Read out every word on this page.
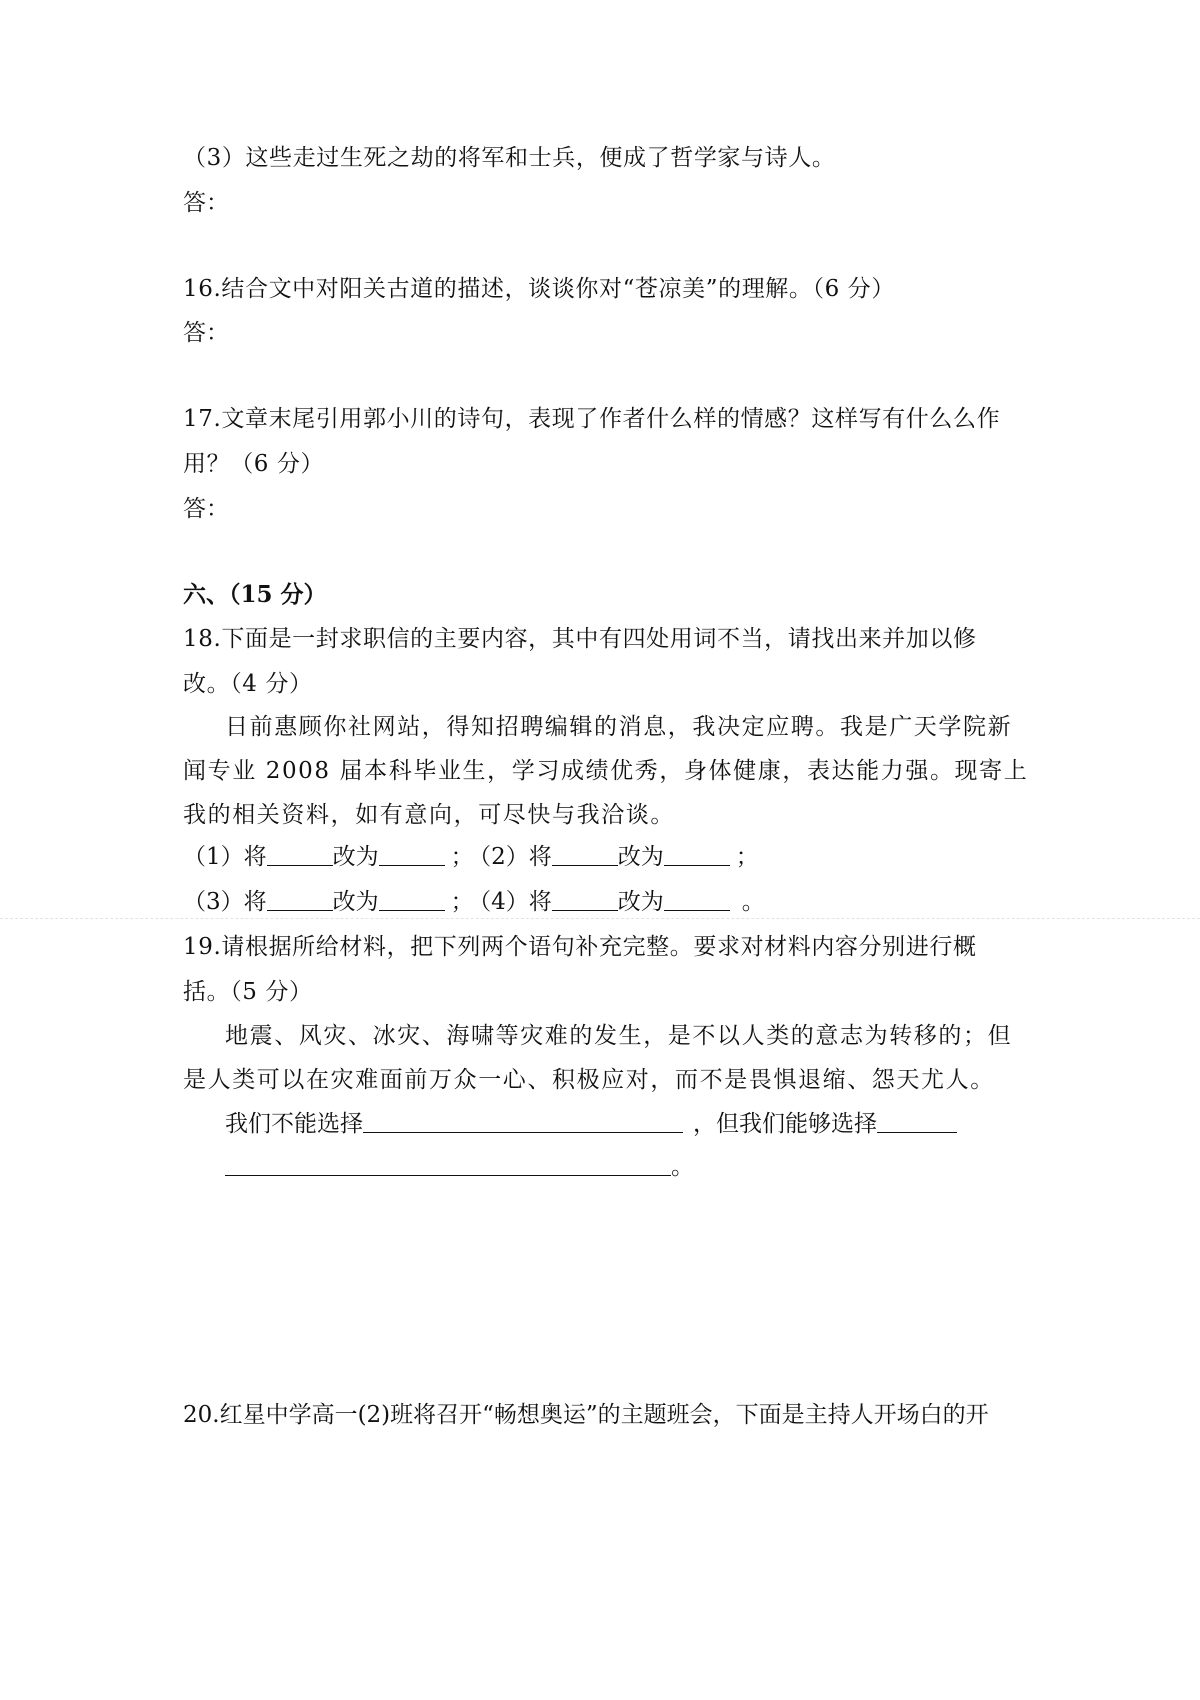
（3）这些走过生死之劫的将军和士兵，便成了哲学家与诗人。
答：
16.结合文中对阳关古道的描述，谈谈你对“苍凉美”的理解。（6 分）
答：
17.文章末尾引用郭小川的诗句，表现了作者什么样的情感？这样写有什么么作
用？（6 分）
答：
六、（15 分）
18.下面是一封求职信的主要内容，其中有四处用词不当，请找出来并加以修
改。（4 分）
日前惠顾你社网站，得知招聘编辑的消息，我决定应聘。我是广天学院新
闻专业 2008 届本科毕业生，学习成绩优秀，身体健康，表达能力强。现寄上
我的相关资料，如有意向，可尽快与我洽谈。
（1）将	改为	； （2）将	改为	；
（3）将	改为	； （4）将	改为	。
19.请根据所给材料，把下列两个语句补充完整。要求对材料内容分别进行概
括。（5 分）
地震、风灾、冰灾、海啸等灾难的发生，是不以人类的意志为转移的；但
是人类可以在灾难面前万众一心、积极应对，而不是畏惧退缩、怨天尤人。
我们不能选择	，但我们能够选择
。
20.红星中学高一(2)班将召开“畅想奥运”的主题班会，下面是主持人开场白的开
